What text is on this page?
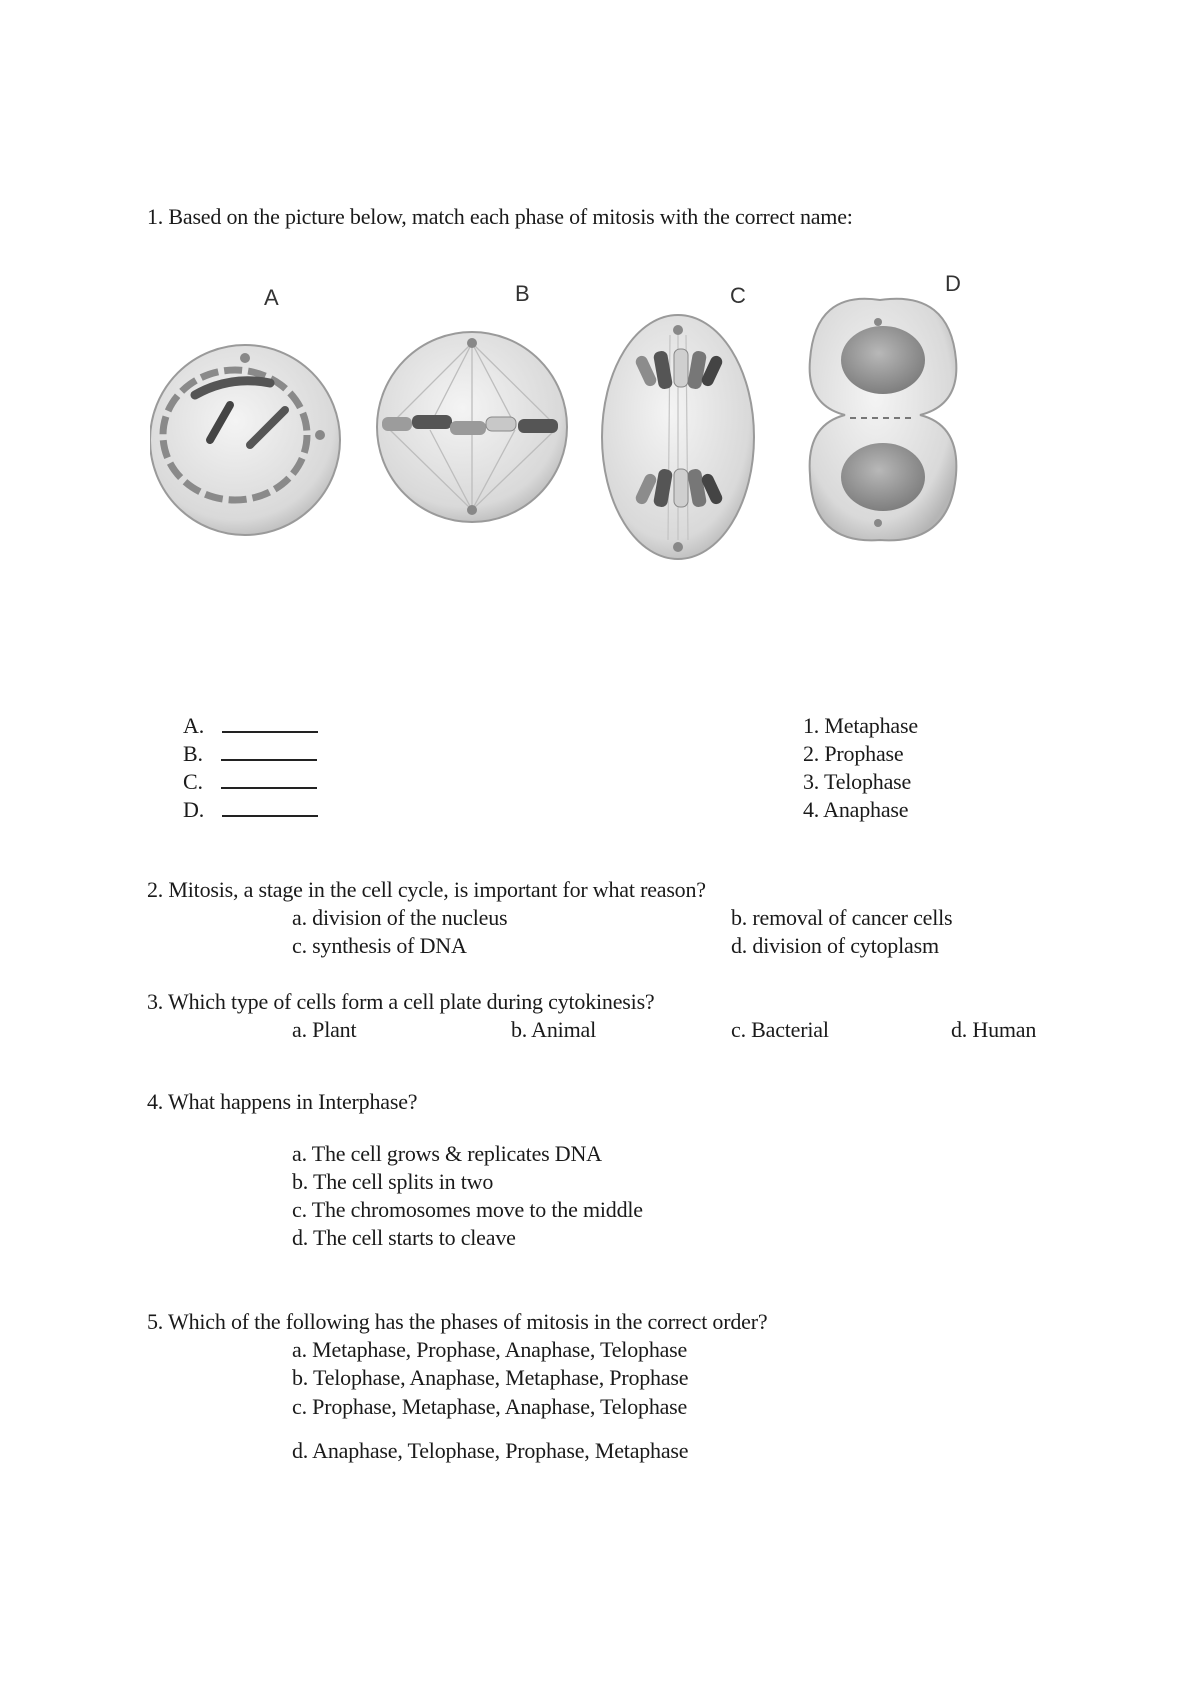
1. Based on the picture below, match each phase of mitosis with the correct name:
A	B	C	D
A.
B.
C.
D.
1. Metaphase
2. Prophase
3. Telophase
4. Anaphase
2. Mitosis, a stage in the cell cycle, is important for what reason?
a. division of the nucleus	b. removal of cancer cells
c. synthesis of DNA	d. division of cytoplasm
3. Which type of cells form a cell plate during cytokinesis?
a. Plant	b. Animal	c. Bacterial	d. Human
4. What happens in Interphase?
a. The cell grows & replicates DNA
b. The cell splits in two
c. The chromosomes move to the middle
d. The cell starts to cleave
5. Which of the following has the phases of mitosis in the correct order?
a. Metaphase, Prophase, Anaphase, Telophase
b. Telophase, Anaphase, Metaphase, Prophase
c. Prophase, Metaphase, Anaphase, Telophase
d. Anaphase, Telophase, Prophase, Metaphase
